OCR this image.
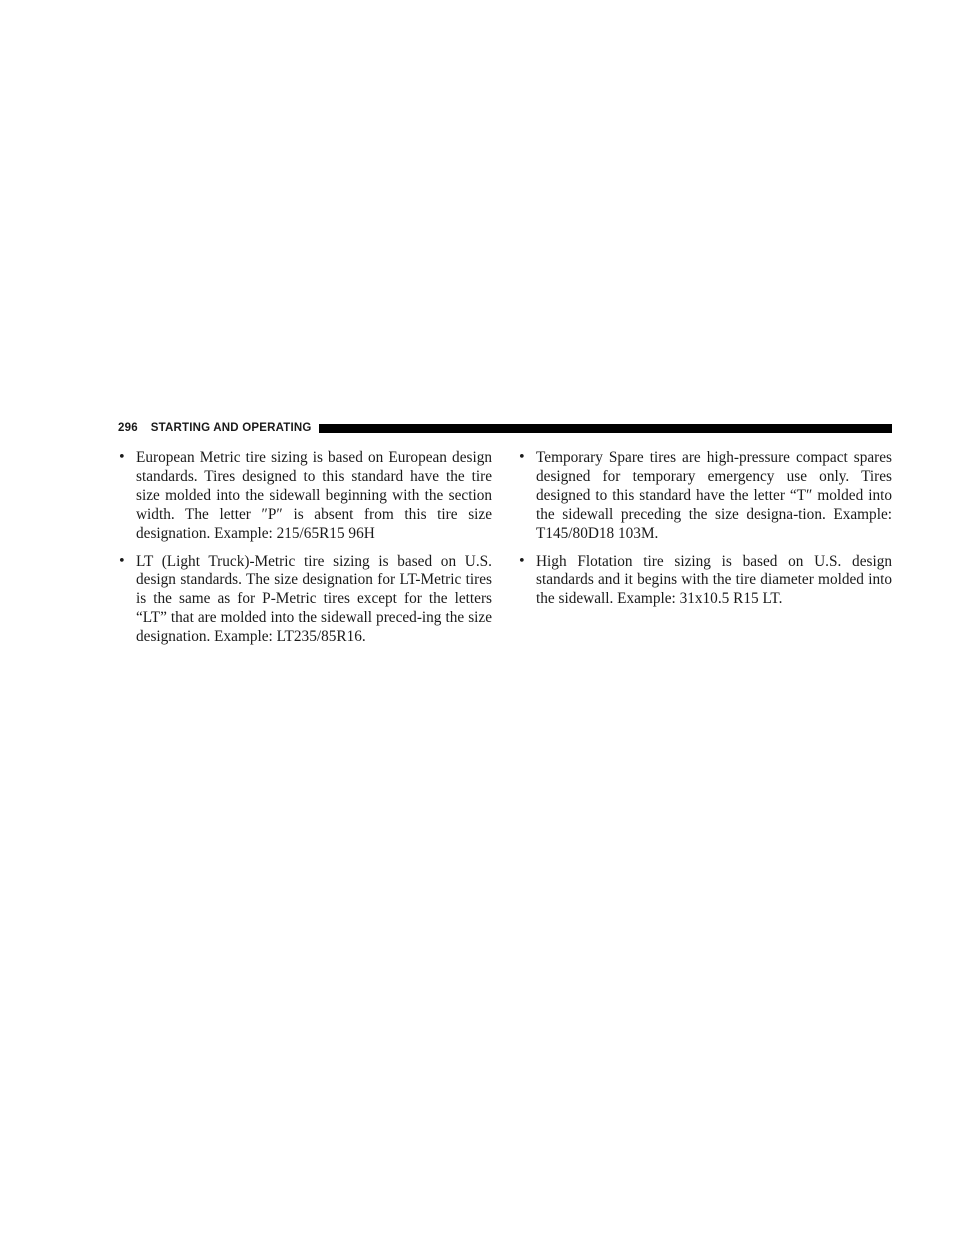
296 STARTING AND OPERATING
• European Metric tire sizing is based on European design standards. Tires designed to this standard have the tire size molded into the sidewall beginning with the section width. The letter ″P″ is absent from this tire size designation. Example: 215/65R15 96H
• LT (Light Truck)-Metric tire sizing is based on U.S. design standards. The size designation for LT-Metric tires is the same as for P-Metric tires except for the letters “LT” that are molded into the sidewall preced-ing the size designation. Example: LT235/85R16.
• Temporary Spare tires are high-pressure compact spares designed for temporary emergency use only. Tires designed to this standard have the letter “T″ molded into the sidewall preceding the size designa-tion. Example: T145/80D18 103M.
• High Flotation tire sizing is based on U.S. design standards and it begins with the tire diameter molded into the sidewall. Example: 31x10.5 R15 LT.
